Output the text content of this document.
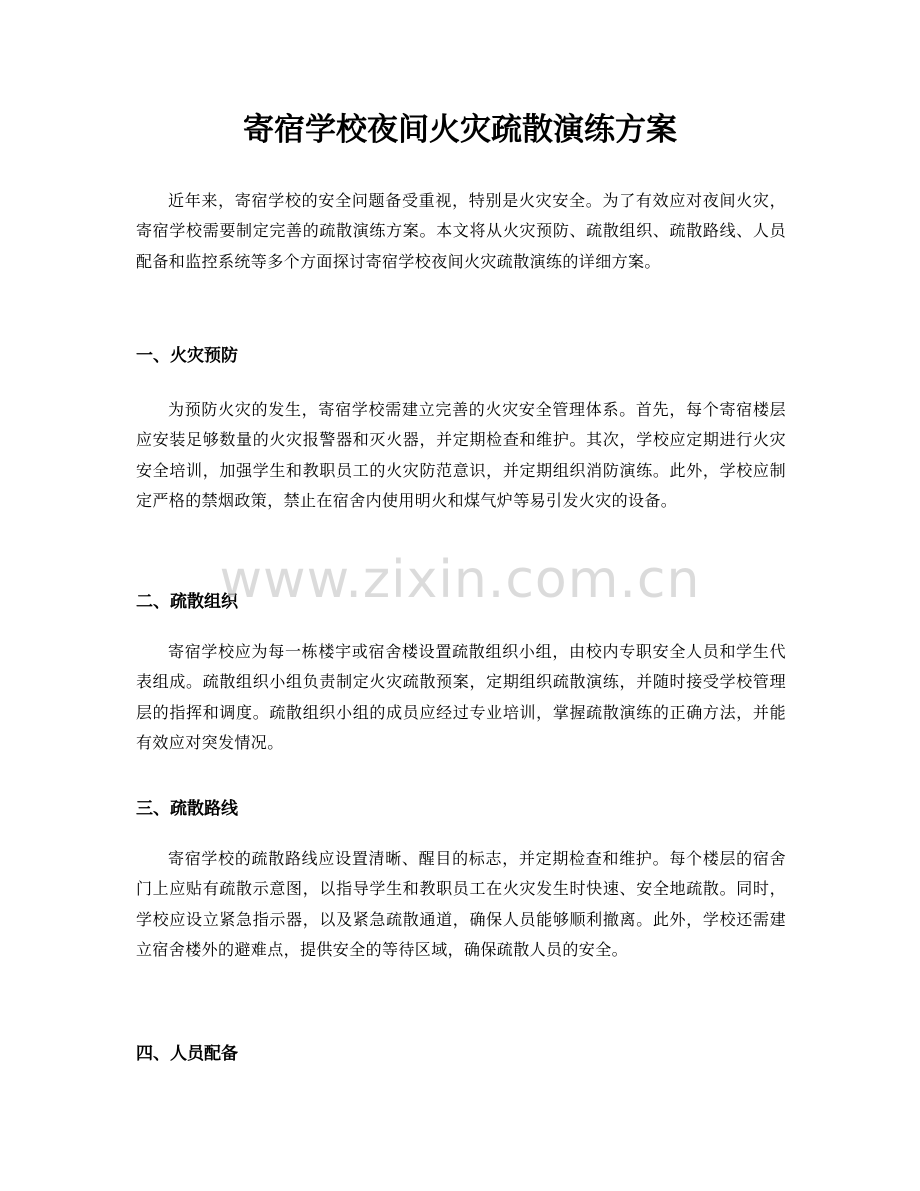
寄宿学校夜间火灾疏散演练方案

近年来，寄宿学校的安全问题备受重视，特别是火灾安全。为了有效应对夜间火灾，寄宿学校需要制定完善的疏散演练方案。本文将从火灾预防、疏散组织、疏散路线、人员配备和监控系统等多个方面探讨寄宿学校夜间火灾疏散演练的详细方案。

一、火灾预防

为预防火灾的发生，寄宿学校需建立完善的火灾安全管理体系。首先，每个寄宿楼层应安装足够数量的火灾报警器和灭火器，并定期检查和维护。其次，学校应定期进行火灾安全培训，加强学生和教职员工的火灾防范意识，并定期组织消防演练。此外，学校应制定严格的禁烟政策，禁止在宿舍内使用明火和煤气炉等易引发火灾的设备。

二、疏散组织

寄宿学校应为每一栋楼宇或宿舍楼设置疏散组织小组，由校内专职安全人员和学生代表组成。疏散组织小组负责制定火灾疏散预案，定期组织疏散演练，并随时接受学校管理层的指挥和调度。疏散组织小组的成员应经过专业培训，掌握疏散演练的正确方法，并能有效应对突发情况。

三、疏散路线

寄宿学校的疏散路线应设置清晰、醒目的标志，并定期检查和维护。每个楼层的宿舍门上应贴有疏散示意图，以指导学生和教职员工在火灾发生时快速、安全地疏散。同时，学校应设立紧急指示器，以及紧急疏散通道，确保人员能够顺利撤离。此外，学校还需建立宿舍楼外的避难点，提供安全的等待区域，确保疏散人员的安全。

四、人员配备
www.zixin.com.cn
